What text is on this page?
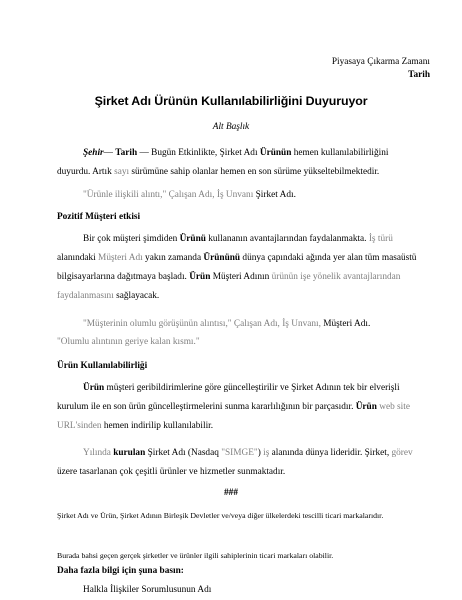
Piyasaya Çıkarma Zamanı
Tarih
Şirket Adı Ürünün Kullanılabilirliğini Duyuruyor
Alt Başlık
Şehir— Tarih — Bugün Etkinlikte, Şirket Adı Ürünün hemen kullanılabilirliğini duyurdu. Artık sayı sürümüne sahip olanlar hemen en son sürüme yükseltebilmektedir.
"Ürünle ilişkili alıntı," Çalışan Adı, İş Unvanı Şirket Adı.
Pozitif Müşteri etkisi
Bir çok müşteri şimdiden Ürünü kullananın avantajlarından faydalanmakta. İş türü alanındaki Müşteri Adı yakın zamanda Ürününü dünya çapındaki ağında yer alan tüm masaüstü bilgisayarlarına dağıtmaya başladı. Ürün Müşteri Adının ürünün işe yönelik avantajlarından faydalanmasını sağlayacak.
"Müşterinin olumlu görüşünün alıntısı," Çalışan Adı, İş Unvanı, Müşteri Adı.
"Olumlu alıntının geriye kalan kısmı."
Ürün Kullanılabilirliği
Ürün müşteri geribildirimlerine göre güncelleştirilir ve Şirket Adının tek bir elverişli kurulum ile en son ürün güncelleştirmelerini sunma kararlılığının bir parçasıdır. Ürün web site URL'sinden hemen indirilip kullanılabilir.
Yılında kurulan Şirket Adı (Nasdaq "SIMGE") iş alanında dünya lideridir. Şirket, görev üzere tasarlanan çok çeşitli ürünler ve hizmetler sunmaktadır.
###
Şirket Adı ve Ürün, Şirket Adının Birleşik Devletler ve/veya diğer ülkelerdeki tescilli ticari markalarıdır.
Burada bahsi geçen gerçek şirketler ve ürünler ilgili sahiplerinin ticari markaları olabilir.
Daha fazla bilgi için şuna basın:
Halkla İlişkiler Sorumlusunun Adı
